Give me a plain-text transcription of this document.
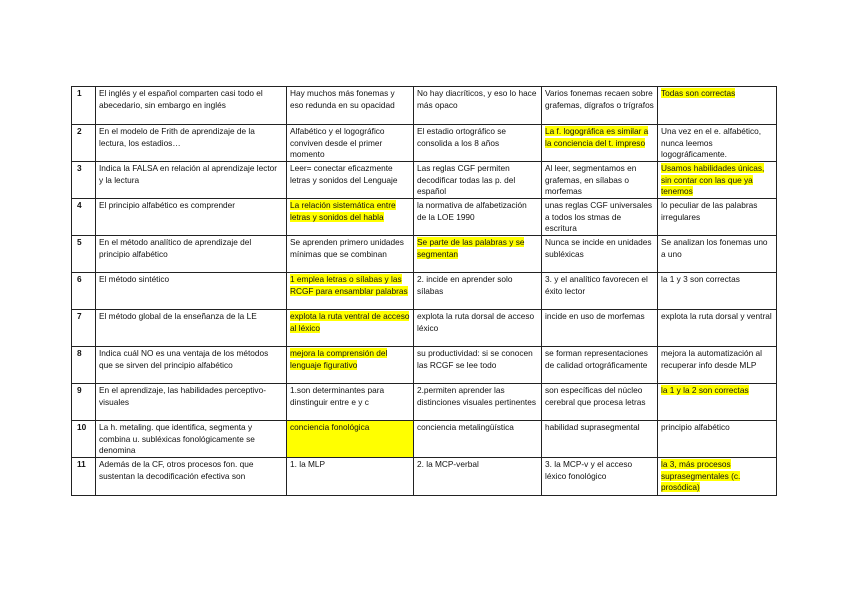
1	El inglés y el español comparten casi todo el abecedario, sin embargo en inglés	Hay muchos más fonemas y eso redunda en su opacidad	No hay diacríticos, y eso lo hace más opaco	Varios fonemas recaen sobre grafemas, dígrafos o trígrafos	Todas son correctas
2	En el modelo de Frith de aprendizaje de la lectura, los estadios…	Alfabético y el logográfico conviven desde el primer momento	El estadio ortográfico se consolida a los 8 años	La f. logográfica es similar a la conciencia del t. impreso	Una vez en el e. alfabético, nunca leemos logográficamente.
3	Indica la FALSA en relación al aprendizaje lector y la lectura	Leer= conectar eficazmente letras y sonidos del Lenguaje	Las reglas CGF permiten decodificar todas las p. del español	Al leer, segmentamos en grafemas, en sílabas o morfemas	Usamos habilidades únicas, sin contar con las que ya tenemos
4	El principio alfabético es comprender	La relación sistemática entre letras y sonidos del habla	la normativa de alfabetización de la LOE 1990	unas reglas CGF universales a todos los stmas de escritura	lo peculiar de las palabras irregulares
5	En el método analítico de aprendizaje del principio alfabético	Se aprenden primero unidades mínimas que se combinan	Se parte de las palabras y se segmentan	Nunca se incide en unidades subléxicas	Se analizan los fonemas uno a uno
6	El método sintético	1 emplea letras o sílabas y las RCGF para ensamblar palabras	2. incide en aprender solo sílabas	3. y el analítico favorecen el éxito lector	la 1 y 3 son correctas
7	El método global de la enseñanza de la LE	explota la ruta ventral de acceso al léxico	explota la ruta dorsal de acceso léxico	incide en uso de morfemas	explota la ruta dorsal y ventral
8	Indica cuál NO es una ventaja de los métodos que se sirven del principio alfabético	mejora la comprensión del lenguaje figurativo	su productividad: si se conocen las RCGF se lee todo	se forman representaciones de calidad ortográficamente	mejora la automatización al recuperar info desde MLP
9	En el aprendizaje, las habilidades perceptivo-visuales	1.son determinantes para dinstinguir entre e y c	2.permiten aprender las distinciones visuales pertinentes	son específicas del núcleo cerebral que procesa letras	la 1 y la 2 son correctas
10	La h. metaling. que identifica, segmenta y combina u. subléxicas fonológicamente se denomina	conciencia fonológica	conciencia metalingüística	habilidad suprasegmental	principio alfabético
11	Además de la CF, otros procesos fon. que sustentan la decodificación efectiva son	1. la MLP	2. la MCP-verbal	3. la MCP-v y el acceso léxico fonológico	la 3, más procesos suprasegmentales (c. prosódica)
